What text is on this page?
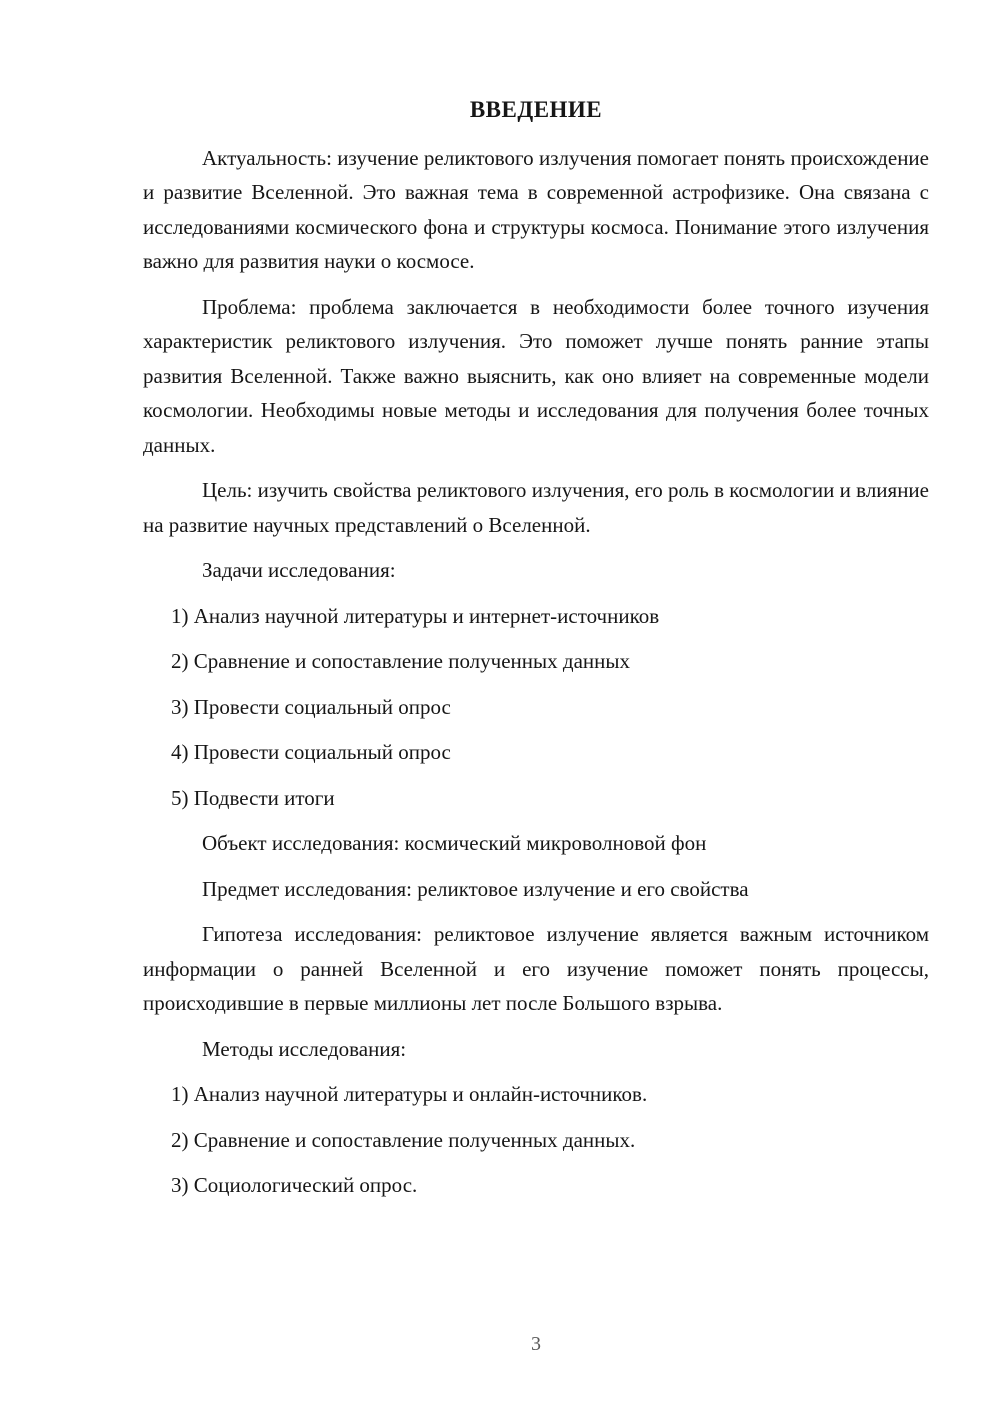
ВВЕДЕНИЕ

Актуальность: изучение реликтового излучения помогает понять происхождение и развитие Вселенной. Это важная тема в современной астрофизике. Она связана с исследованиями космического фона и структуры космоса. Понимание этого излучения важно для развития науки о космосе.

Проблема: проблема заключается в необходимости более точного изучения характеристик реликтового излучения. Это поможет лучше понять ранние этапы развития Вселенной. Также важно выяснить, как оно влияет на современные модели космологии. Необходимы новые методы и исследования для получения более точных данных.

Цель: изучить свойства реликтового излучения, его роль в космологии и влияние на развитие научных представлений о Вселенной.

Задачи исследования:

1) Анализ научной литературы и интернет-источников

2) Сравнение и сопоставление полученных данных

3) Провести социальный опрос

4) Провести социальный опрос

5) Подвести итоги

Объект исследования: космический микроволновой фон

Предмет исследования: реликтовое излучение и его свойства

Гипотеза исследования: реликтовое излучение является важным источником информации о ранней Вселенной и его изучение поможет понять процессы, происходившие в первые миллионы лет после Большого взрыва.

Методы исследования:

1) Анализ научной литературы и онлайн-источников.

2) Сравнение и сопоставление полученных данных.

3) Социологический опрос.

3
